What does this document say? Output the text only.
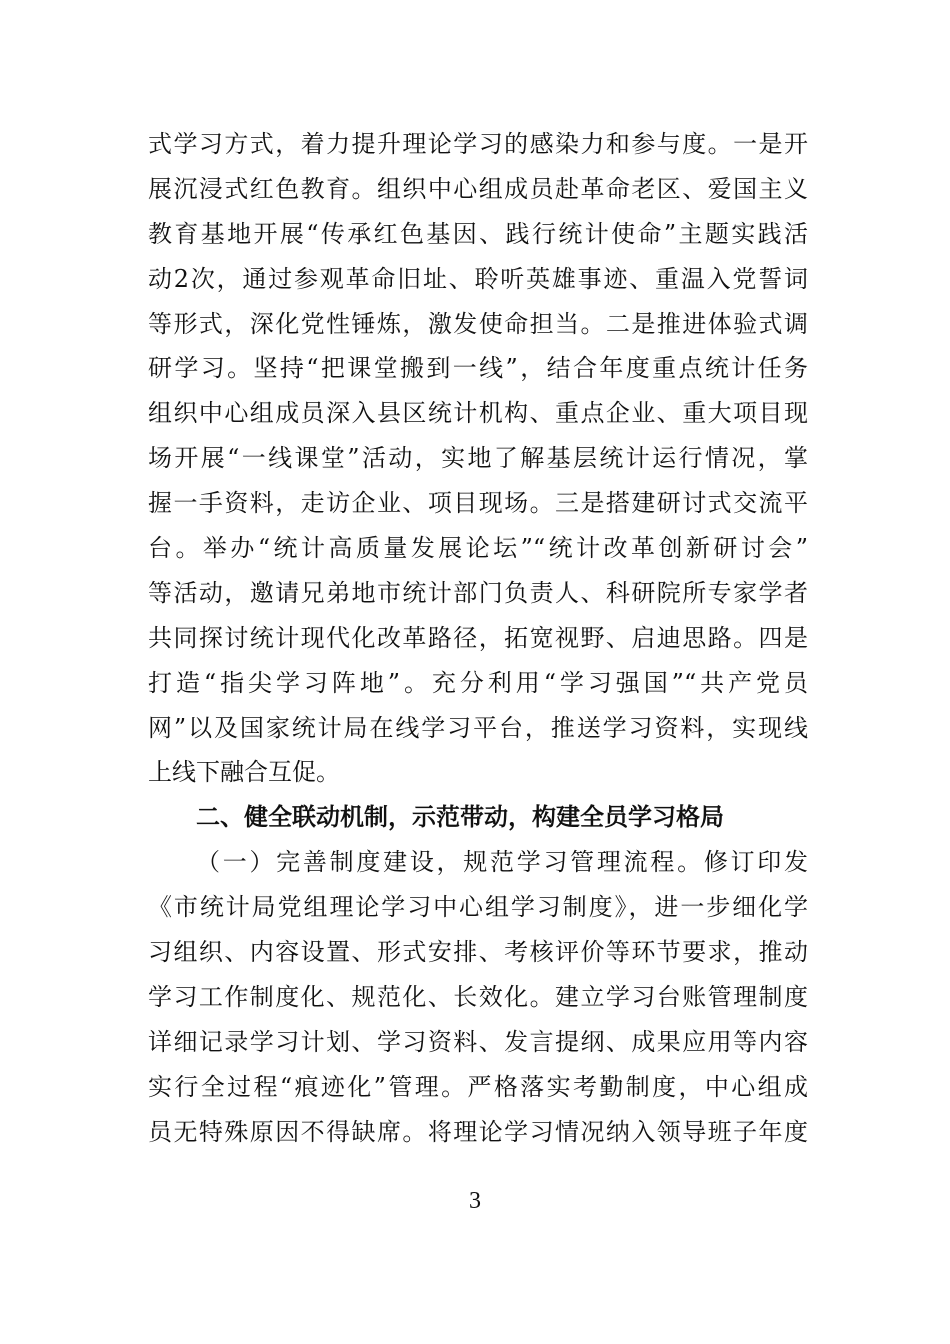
式学习方式，着力提升理论学习的感染力和参与度。一是开
展沉浸式红色教育。组织中心组成员赴革命老区、爱国主义
教育基地开展“传承红色基因、践行统计使命”主题实践活
动2次，通过参观革命旧址、聆听英雄事迹、重温入党誓词
等形式，深化党性锤炼，激发使命担当。二是推进体验式调
研学习。坚持“把课堂搬到一线”，结合年度重点统计任务
组织中心组成员深入县区统计机构、重点企业、重大项目现
场开展“一线课堂”活动，实地了解基层统计运行情况，掌
握一手资料，走访企业、项目现场。三是搭建研讨式交流平
台。举办“统计高质量发展论坛”“统计改革创新研讨会”
等活动，邀请兄弟地市统计部门负责人、科研院所专家学者
共同探讨统计现代化改革路径，拓宽视野、启迪思路。四是
打造“指尖学习阵地”。充分利用“学习强国”“共产党员
网”以及国家统计局在线学习平台，推送学习资料，实现线
上线下融合互促。
二、健全联动机制，示范带动，构建全员学习格局
（一）完善制度建设，规范学习管理流程。修订印发
《市统计局党组理论学习中心组学习制度》，进一步细化学
习组织、内容设置、形式安排、考核评价等环节要求，推动
学习工作制度化、规范化、长效化。建立学习台账管理制度
详细记录学习计划、学习资料、发言提纲、成果应用等内容
实行全过程“痕迹化”管理。严格落实考勤制度，中心组成
员无特殊原因不得缺席。将理论学习情况纳入领导班子年度
3
